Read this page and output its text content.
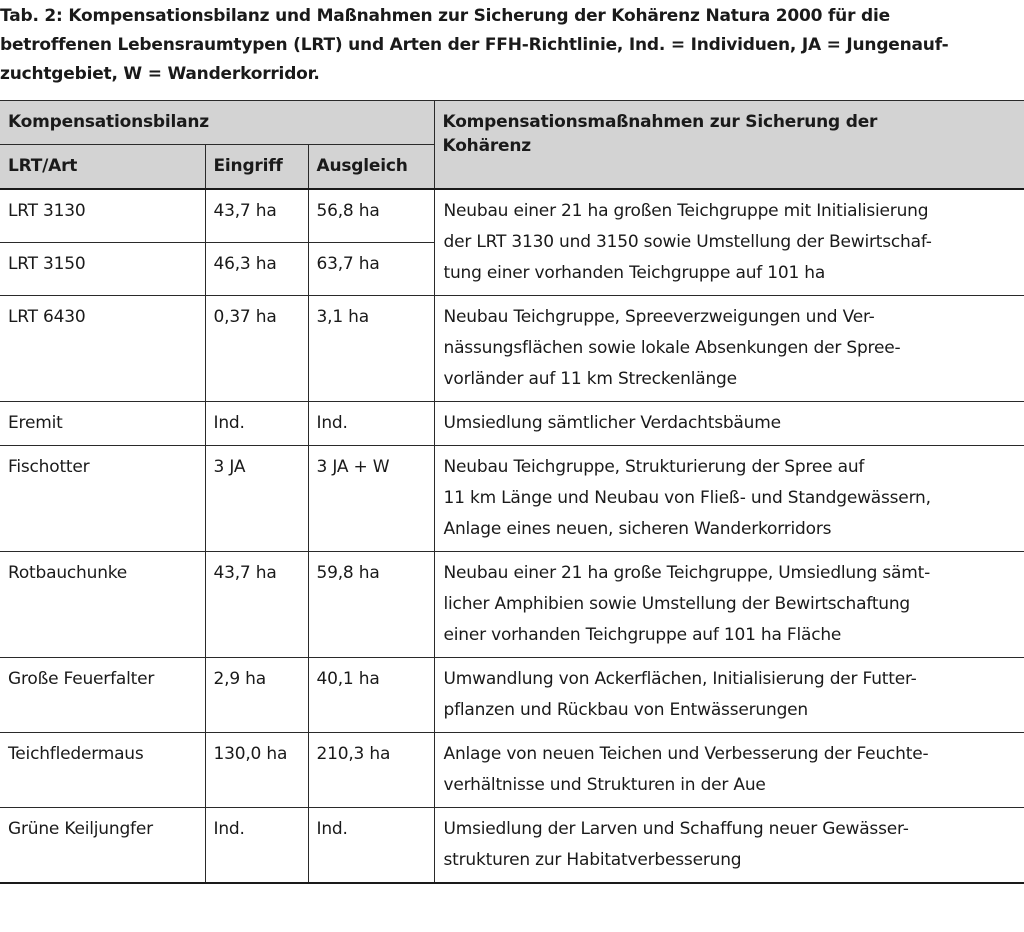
Tab. 2: Kompensationsbilanz und Maßnahmen zur Sicherung der Kohärenz Natura 2000 für die
betroffenen Lebensraumtypen (LRT) und Arten der FFH-Richtlinie, Ind. = Individuen, JA = Jungenauf-
zuchtgebiet, W = Wanderkorridor.
Kompensationsbilanz			Kompensationsmaßnahmen zur Sicherung der
Kohärenz
LRT/Art	Eingriff	Ausgleich	
LRT 3130	43,7 ha	56,8 ha	Neubau einer 21 ha großen Teichgruppe mit Initialisierung
der LRT 3130 und 3150 sowie Umstellung der Bewirtschaf-
tung einer vorhanden Teichgruppe auf 101 ha
LRT 3150	46,3 ha	63,7 ha	
LRT 6430	0,37 ha	3,1 ha	Neubau Teichgruppe, Spreeverzweigungen und Ver-
nässungsflächen sowie lokale Absenkungen der Spree-
vorländer auf 11 km Streckenlänge
Eremit	Ind.	Ind.	Umsiedlung sämtlicher Verdachtsbäume
Fischotter	3 JA	3 JA + W	Neubau Teichgruppe, Strukturierung der Spree auf
11 km Länge und Neubau von Fließ- und Standgewässern,
Anlage eines neuen, sicheren Wanderkorridors
Rotbauchunke	43,7 ha	59,8 ha	Neubau einer 21 ha große Teichgruppe, Umsiedlung sämt-
licher Amphibien sowie Umstellung der Bewirtschaftung
einer vorhanden Teichgruppe auf 101 ha Fläche
Große Feuerfalter	2,9 ha	40,1 ha	Umwandlung von Ackerflächen, Initialisierung der Futter-
pflanzen und Rückbau von Entwässerungen
Teichfledermaus	130,0 ha	210,3 ha	Anlage von neuen Teichen und Verbesserung der Feuchte-
verhältnisse und Strukturen in der Aue
Grüne Keiljungfer	Ind.	Ind.	Umsiedlung der Larven und Schaffung neuer Gewässer-
strukturen zur Habitatverbesserung
